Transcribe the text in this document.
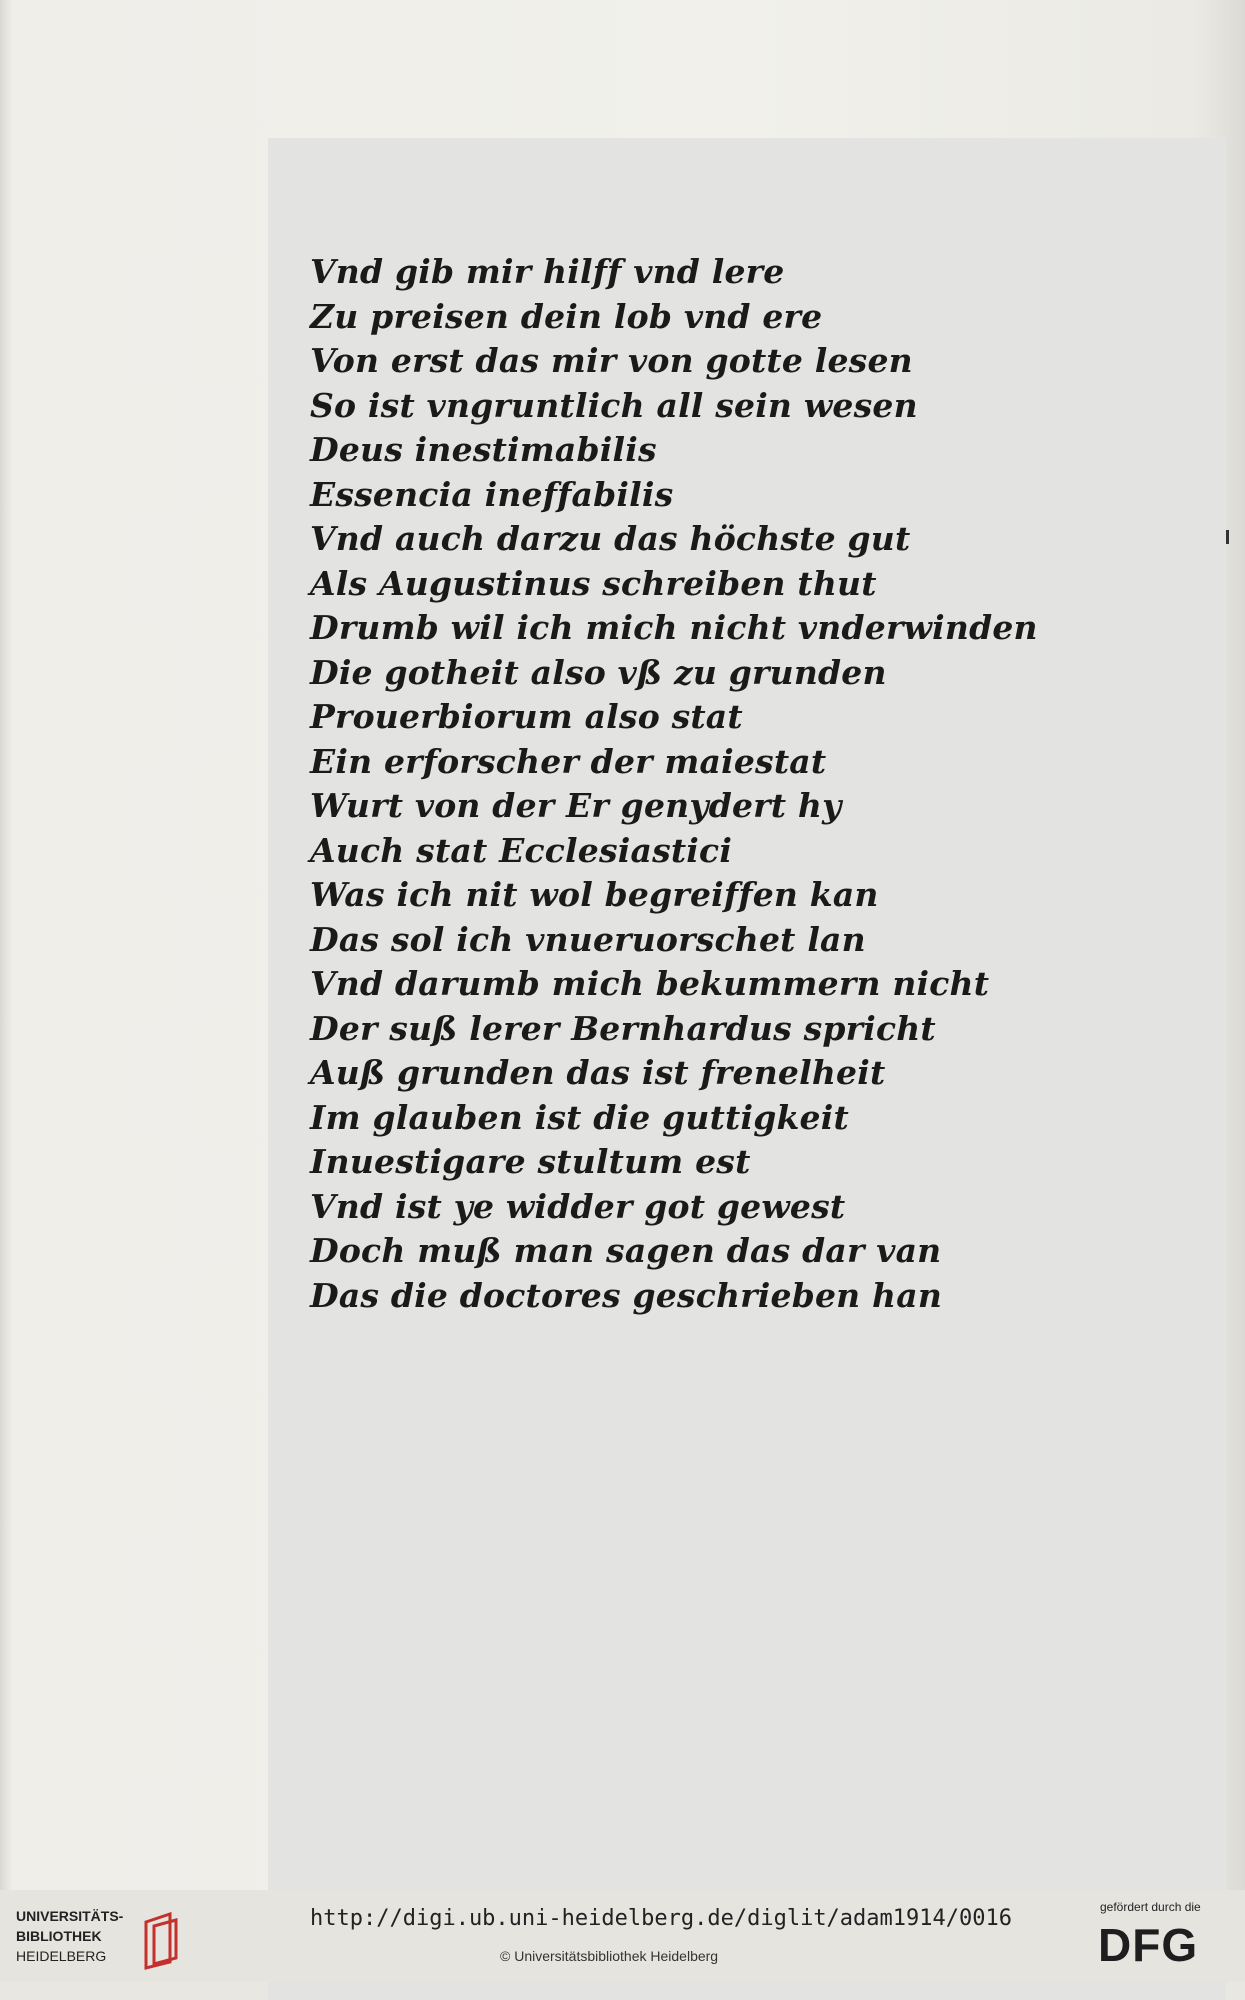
Vnd gib mir hilff vnd lere
Zu preisen dein lob vnd ere
Von erst das mir von gotte lesen
So ist vngruntlich all sein wesen
Deus inestimabilis
Essencia ineffabilis
Vnd auch darzu das höchste gut
Als Augustinus schreiben thut
Drumb wil ich mich nicht vnderwinden
Die gotheit also vß zu grunden
Prouerbiorum also stat
Ein erforscher der maiestat
Wurt von der Er genydert hy
Auch stat Ecclesiastici
Was ich nit wol begreiffen kan
Das sol ich vnueruorschet lan
Vnd darumb mich bekummern nicht
Der suß lerer Bernhardus spricht
Auß grunden das ist frenelheit
Im glauben ist die guttigkeit
Inuestigare stultum est
Vnd ist ye widder got gewest
Doch muß man sagen das dar van
Das die doctores geschrieben han
UNIVERSITÄTS-
BIBLIOTHEK
HEIDELBERG
http://digi.ub.uni-heidelberg.de/diglit/adam1914/0016
© Universitätsbibliothek Heidelberg
gefördert durch die
DFG
